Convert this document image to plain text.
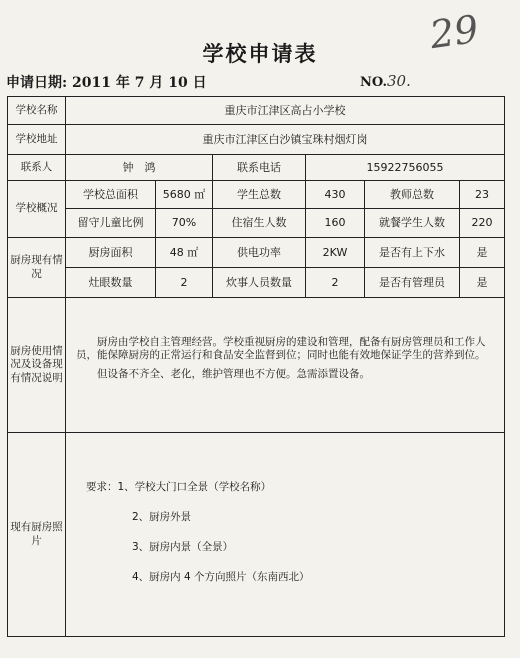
学校申请表	29
申请日期: 2011 年 7 月 10 日	NO.30.
学校名称	重庆市江津区高占小学校					
学校地址	重庆市江津区白沙镇宝珠村烟灯岗					
联系人	钟　鸿		联系电话	15922756055		
学校概况	学校总面积	5680 ㎡	学生总数	430	教师总数	23
	留守儿童比例	70%	住宿生人数	160	就餐学生人数	220
厨房现有情况	厨房面积	48 ㎡	供电功率	2KW	是否有上下水	是
	灶眼数量	2	炊事人员数量	2	是否有管理员	是
厨房使用情况及设备现有情况说明	厨房由学校自主管理经营。学校重视厨房的建设和管理，配备有厨房管理员和工作人员，能保障厨房的正常运行和食品安全监督到位；同时也能有效地保证学生的营养到位。

但设备不齐全、老化，维护管理也不方便。急需添置设备。					

现有厨房照片	要求：1、学校大门口全景（学校名称）
2、厨房外景
3、厨房内景（全景）
4、厨房内 4 个方向照片（东南西北）					
